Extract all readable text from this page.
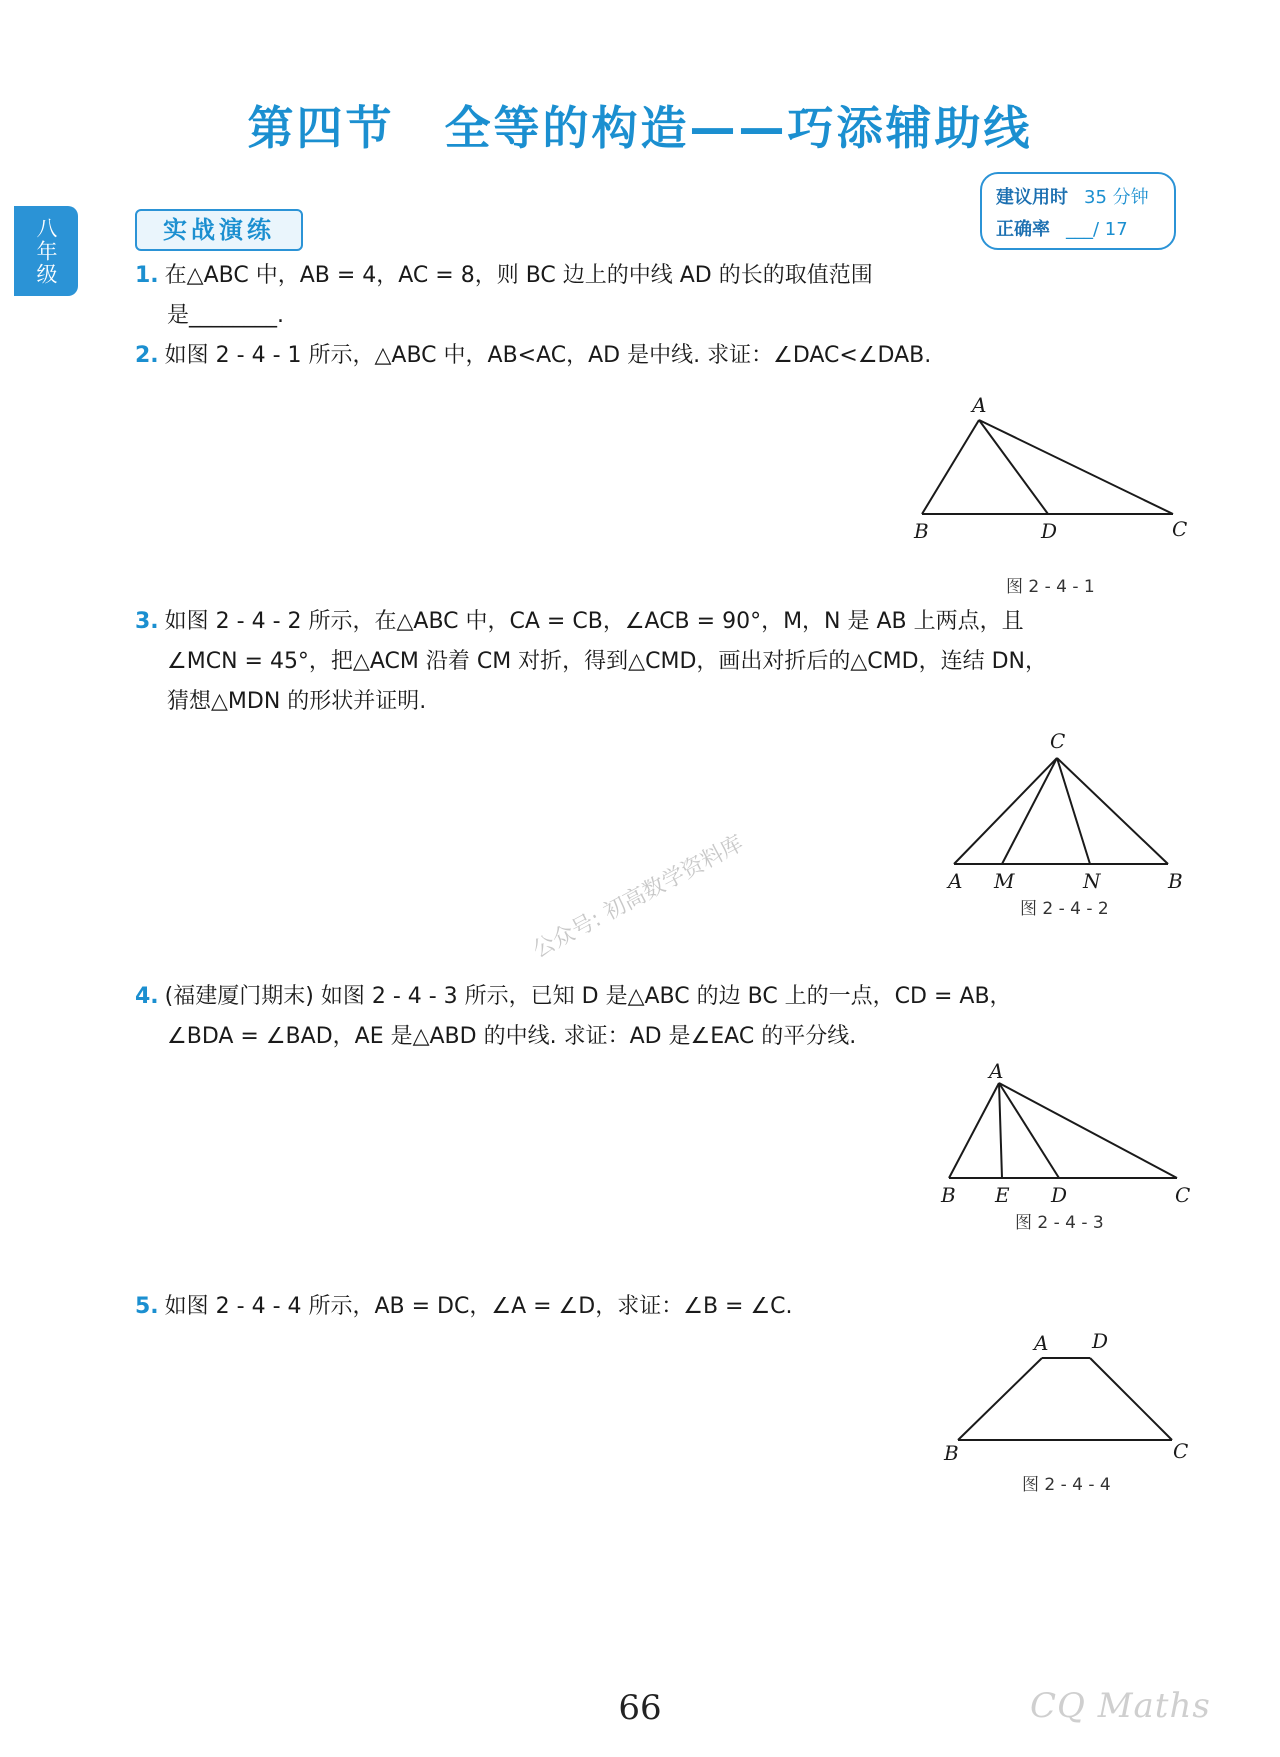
第四节 全等的构造——巧添辅助线
八年级
建议用时 35 分钟
正确率 ___/ 17
实战演练
1. 在△ABC 中，AB = 4，AC = 8，则 BC 边上的中线 AD 的长的取值范围
是________.
2. 如图 2 - 4 - 1 所示，△ABC 中，AB<AC，AD 是中线. 求证：∠DAC<∠DAB.
A
B	D	C
图 2 - 4 - 1
3. 如图 2 - 4 - 2 所示，在△ABC 中，CA = CB，∠ACB = 90°，M，N 是 AB 上两点，且
∠MCN = 45°，把△ACM 沿着 CM 对折，得到△CMD，画出对折后的△CMD，连结 DN，
猜想△MDN 的形状并证明.
C
A M	N	B
图 2 - 4 - 2
4. (福建厦门期末) 如图 2 - 4 - 3 所示，已知 D 是△ABC 的边 BC 上的一点，CD = AB，
∠BDA = ∠BAD，AE 是△ABD 的中线. 求证：AD 是∠EAC 的平分线.
A
B E D	C
图 2 - 4 - 3
5. 如图 2 - 4 - 4 所示，AB = DC，∠A = ∠D，求证：∠B = ∠C.
A D
B	C
图 2 - 4 - 4
公众号: 初高数学资料库
66	CQ Maths
